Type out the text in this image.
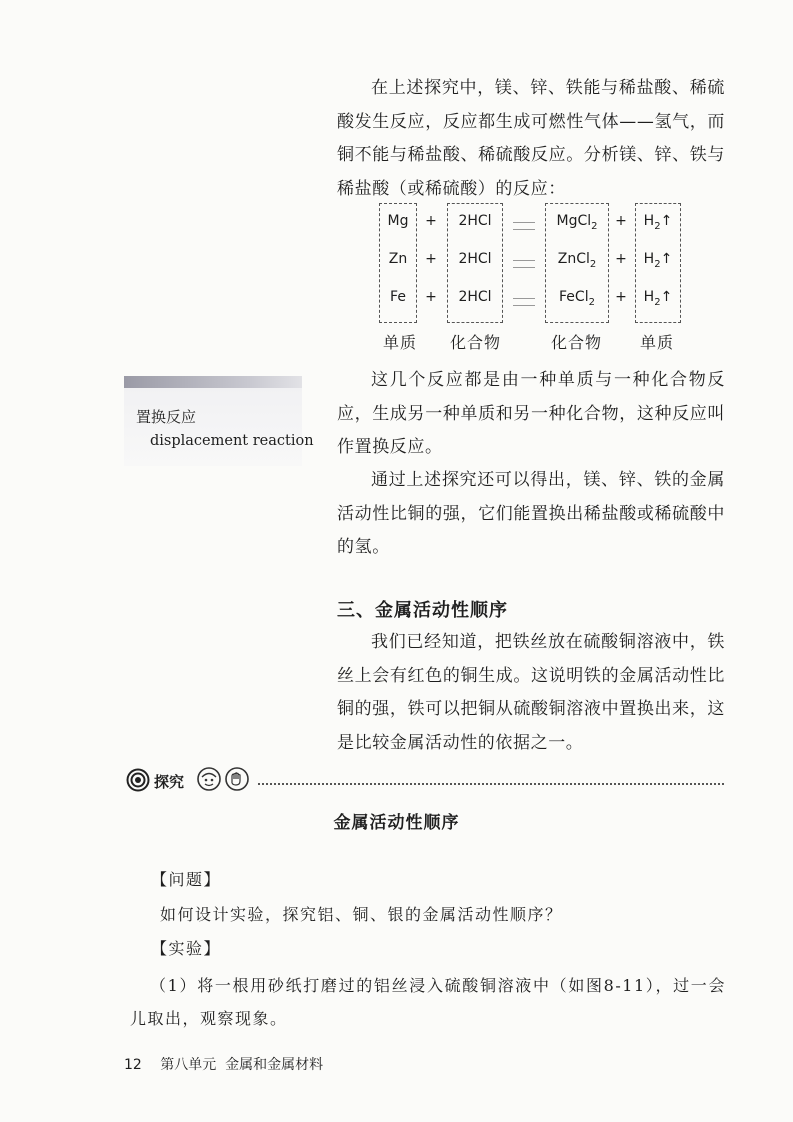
在上述探究中，镁、锌、铁能与稀盐酸、稀硫酸发生反应，反应都生成可燃性气体——氢气，而铜不能与稀盐酸、稀硫酸反应。分析镁、锌、铁与稀盐酸（或稀硫酸）的反应：

Mg	+	2HCl	MgCl$_2$	+	$H_2↑$
Zn	+	2HCl	ZnCl$_2$	+	$H_2↑$
Fe	+	2HCl	FeCl$_2$	+	$H_2↑$
单质 化合物	化合物 单质
置换反应
displacement reaction

这几个反应都是由一种单质与一种化合物反应，生成另一种单质和另一种化合物，这种反应叫作置换反应。

通过上述探究还可以得出，镁、锌、铁的金属活动性比铜的强，它们能置换出稀盐酸或稀硫酸中的氢。

三、金属活动性顺序

我们已经知道，把铁丝放在硫酸铜溶液中，铁丝上会有红色的铜生成。这说明铁的金属活动性比铜的强，铁可以把铜从硫酸铜溶液中置换出来，这是比较金属活动性的依据之一。

探究
金属活动性顺序
【问题】
如何设计实验，探究铝、铜、银的金属活动性顺序？
【实验】
（1）将一根用砂纸打磨过的铝丝浸入硫酸铜溶液中（如图8-11），过一会儿取出，观察现象。
12 第八单元  金属和金属材料
